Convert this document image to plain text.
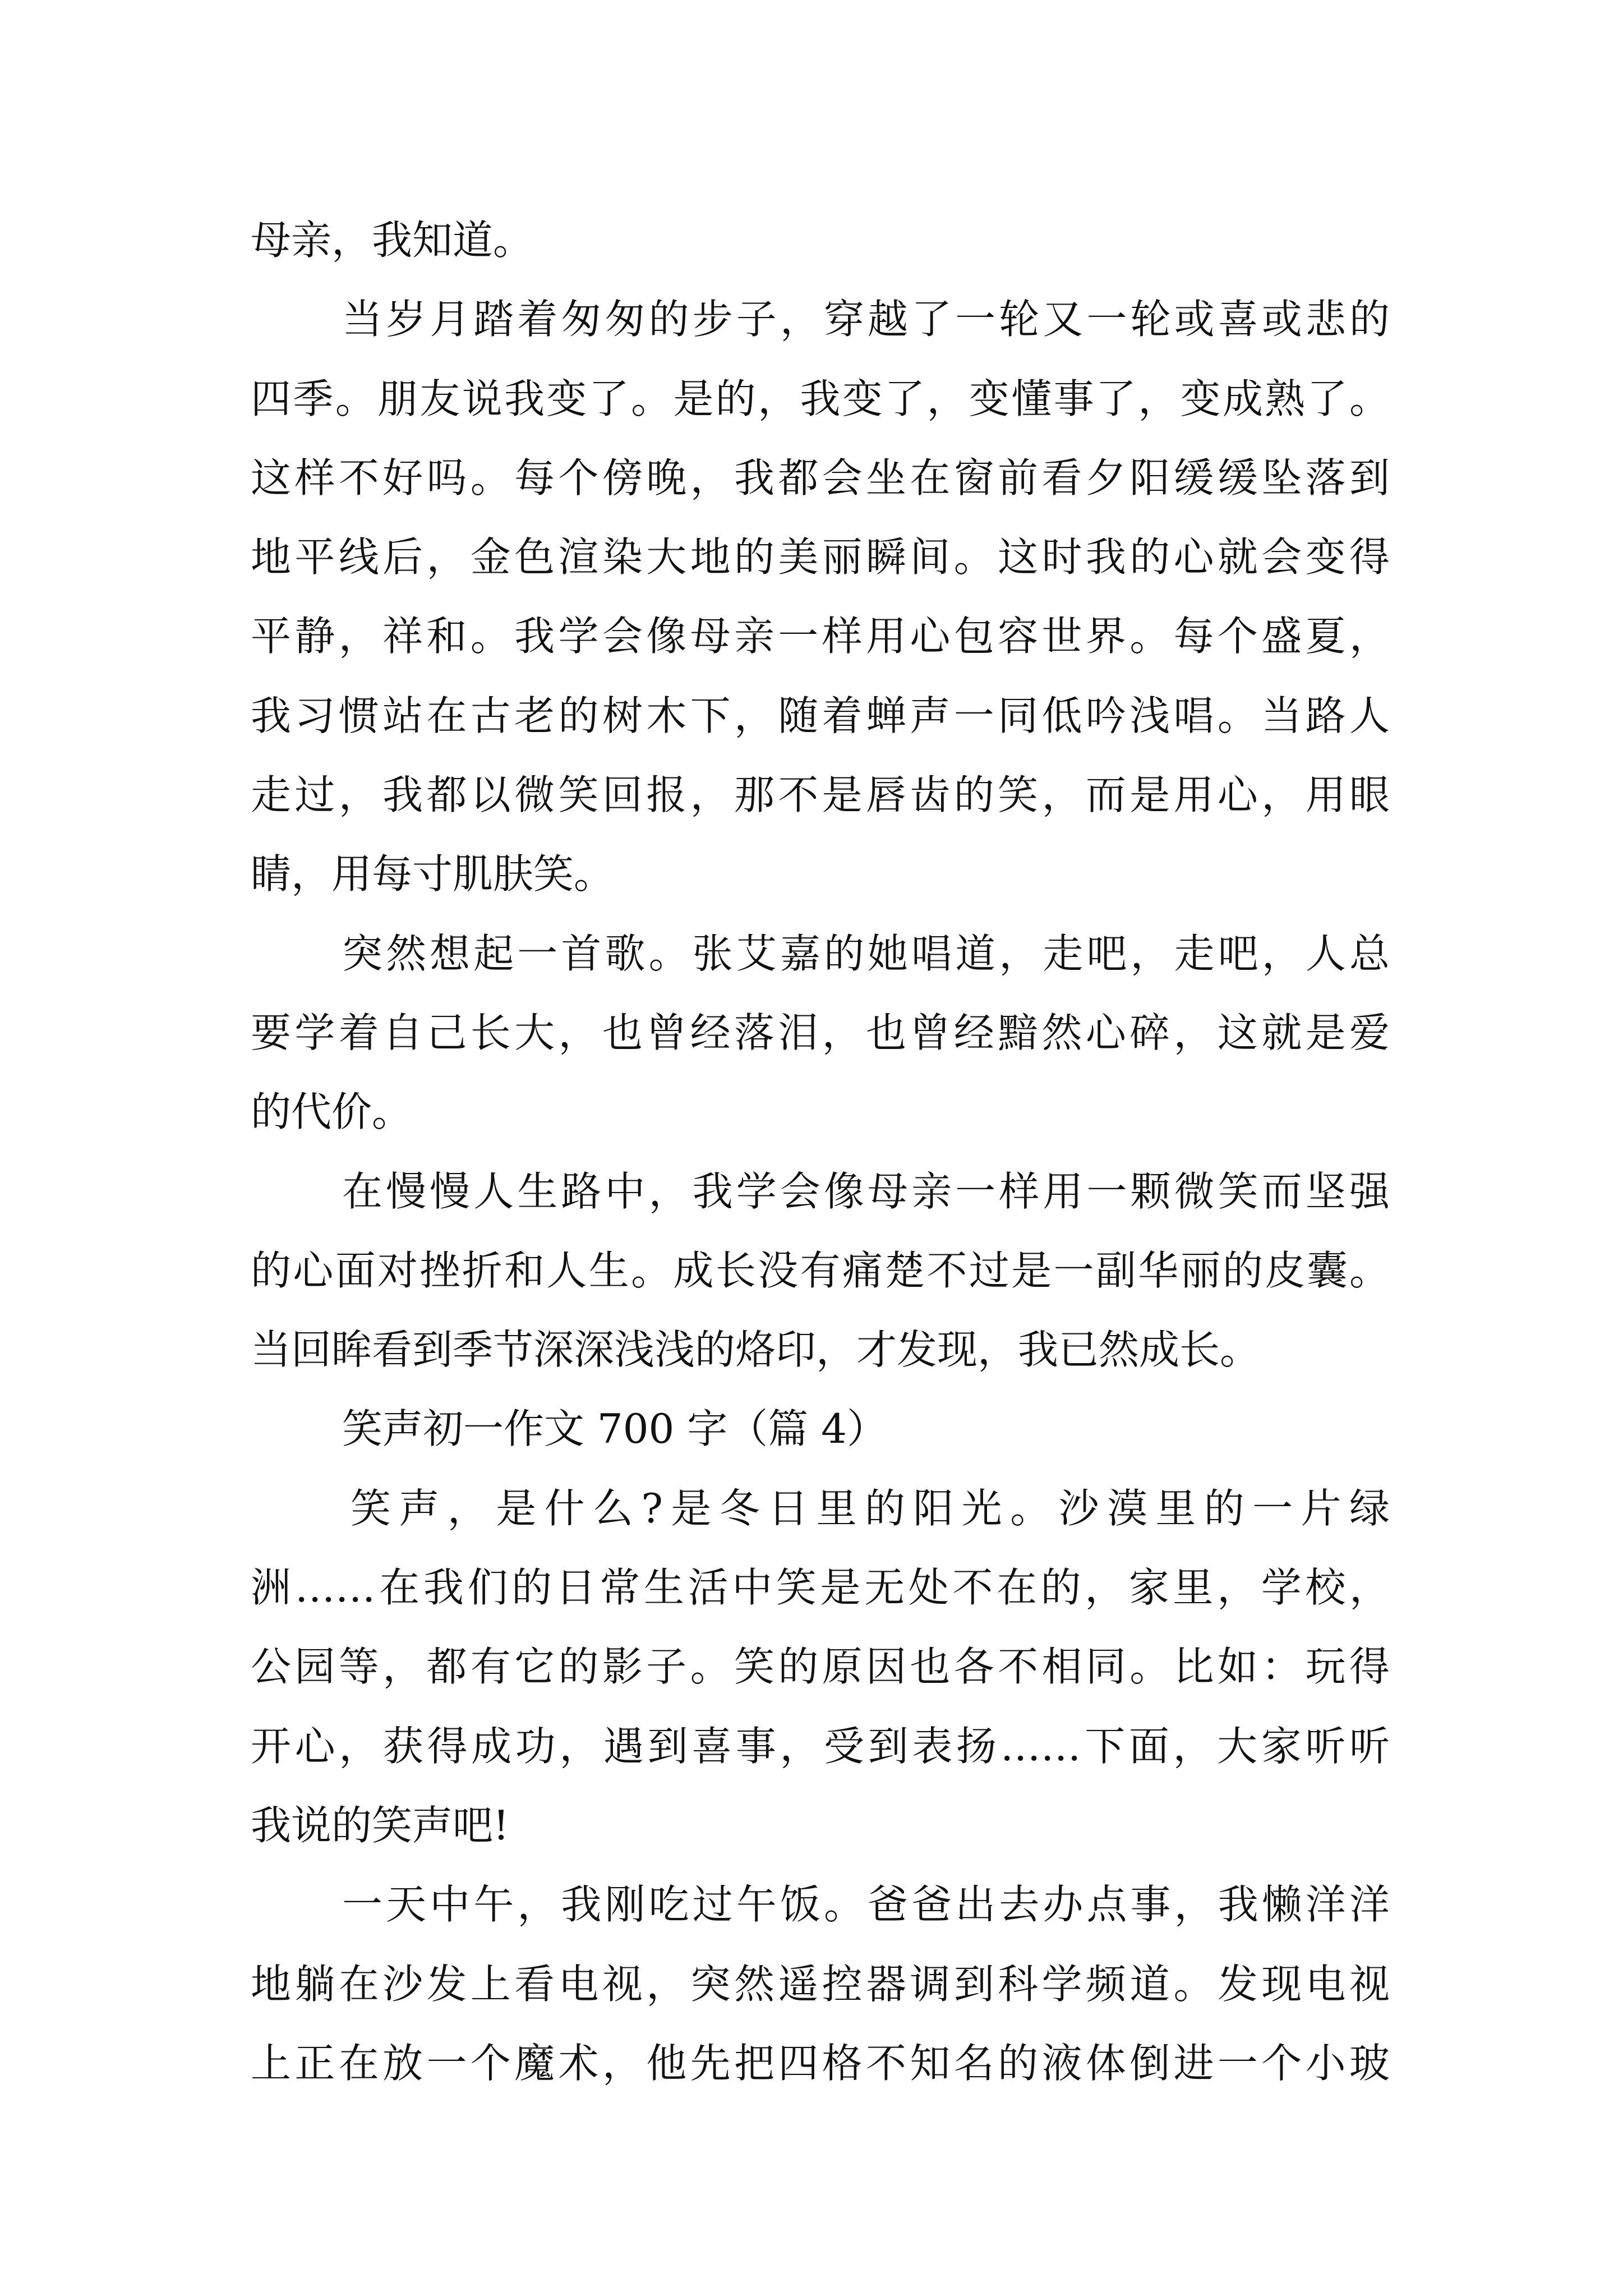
母亲，我知道。
当岁月踏着匆匆的步子，穿越了一轮又一轮或喜或悲的
四季。朋友说我变了。是的，我变了，变懂事了，变成熟了。
这样不好吗。每个傍晚，我都会坐在窗前看夕阳缓缓坠落到
地平线后，金色渲染大地的美丽瞬间。这时我的心就会变得
平静，祥和。我学会像母亲一样用心包容世界。每个盛夏，
我习惯站在古老的树木下，随着蝉声一同低吟浅唱。当路人
走过，我都以微笑回报，那不是唇齿的笑，而是用心，用眼
睛，用每寸肌肤笑。
突然想起一首歌。张艾嘉的她唱道，走吧，走吧，人总
要学着自己长大，也曾经落泪，也曾经黯然心碎，这就是爱
的代价。
在慢慢人生路中，我学会像母亲一样用一颗微笑而坚强
的心面对挫折和人生。成长没有痛楚不过是一副华丽的皮囊。
当回眸看到季节深深浅浅的烙印，才发现，我已然成长。
笑声初一作文 700 字（篇 4）
笑声，是什么?是冬日里的阳光。沙漠里的一片绿
洲……在我们的日常生活中笑是无处不在的，家里，学校，
公园等，都有它的影子。笑的原因也各不相同。比如：玩得
开心，获得成功，遇到喜事，受到表扬……下面，大家听听
我说的笑声吧!
一天中午，我刚吃过午饭。爸爸出去办点事，我懒洋洋
地躺在沙发上看电视，突然遥控器调到科学频道。发现电视
上正在放一个魔术，他先把四格不知名的液体倒进一个小玻
